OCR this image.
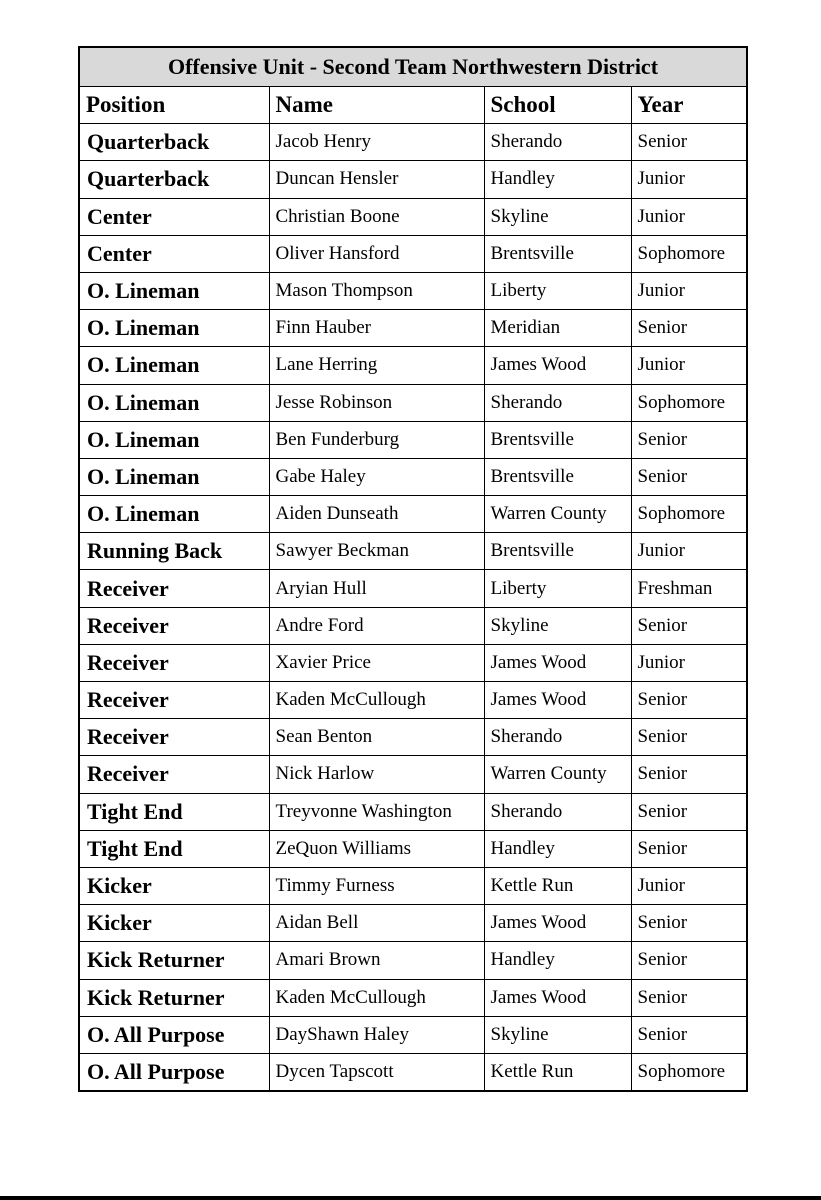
Offensive Unit - Second Team Northwestern District			
Position	Name	School	Year
Quarterback	Jacob Henry	Sherando	Senior
Quarterback	Duncan Hensler	Handley	Junior
Center	Christian Boone	Skyline	Junior
Center	Oliver Hansford	Brentsville	Sophomore
O. Lineman	Mason Thompson	Liberty	Junior
O. Lineman	Finn Hauber	Meridian	Senior
O. Lineman	Lane Herring	James Wood	Junior
O. Lineman	Jesse Robinson	Sherando	Sophomore
O. Lineman	Ben Funderburg	Brentsville	Senior
O. Lineman	Gabe Haley	Brentsville	Senior
O. Lineman	Aiden Dunseath	Warren County	Sophomore
Running Back	Sawyer Beckman	Brentsville	Junior
Receiver	Aryian Hull	Liberty	Freshman
Receiver	Andre Ford	Skyline	Senior
Receiver	Xavier Price	James Wood	Junior
Receiver	Kaden McCullough	James Wood	Senior
Receiver	Sean Benton	Sherando	Senior
Receiver	Nick Harlow	Warren County	Senior
Tight End	Treyvonne Washington	Sherando	Senior
Tight End	ZeQuon Williams	Handley	Senior
Kicker	Timmy Furness	Kettle Run	Junior
Kicker	Aidan Bell	James Wood	Senior
Kick Returner	Amari Brown	Handley	Senior
Kick Returner	Kaden McCullough	James Wood	Senior
O. All Purpose	DayShawn Haley	Skyline	Senior
O. All Purpose	Dycen Tapscott	Kettle Run	Sophomore
